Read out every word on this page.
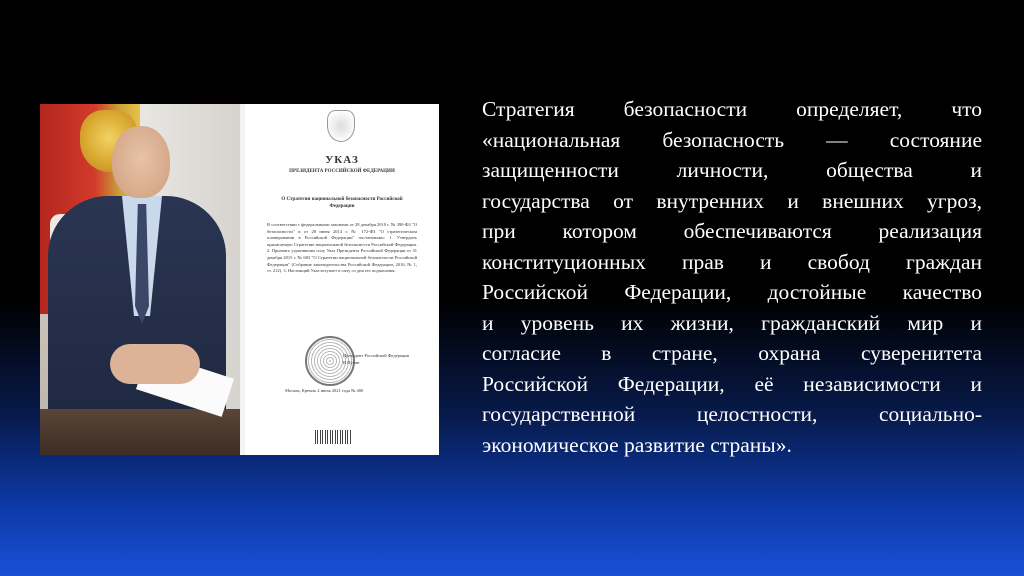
УКАЗ
ПРЕЗИДЕНТА РОССИЙСКОЙ ФЕДЕРАЦИИ
О Стратегии национальной безопасности Российской Федерации
В соответствии с федеральными законами от 28 декабря 2010 г. № 390-ФЗ "О безопасности" и от 28 июня 2014 г. № 172-ФЗ "О стратегическом планировании в Российской Федерации" постановляю: 1. Утвердить прилагаемую Стратегию национальной безопасности Российской Федерации. 2. Признать утратившим силу Указ Президента Российской Федерации от 31 декабря 2015 г. № 683 "О Стратегии национальной безопасности Российской Федерации" (Собрание законодательства Российской Федерации, 2016, № 1, ст. 212). 3. Настоящий Указ вступает в силу со дня его подписания.
Президент Российской Федерации В.Путин
Москва, Кремль 2 июля 2021 года № 400
Стратегия безопасности определяет, что
«национальная безопасность — состояние
защищенности личности, общества и
государства от внутренних и внешних угроз,
при котором обеспечиваются реализация
конституционных прав и свобод граждан
Российской Федерации, достойные качество
и уровень их жизни, гражданский мир и
согласие в стране, охрана суверенитета
Российской Федерации, её независимости и
государственной целостности, социально-
экономическое развитие страны».
